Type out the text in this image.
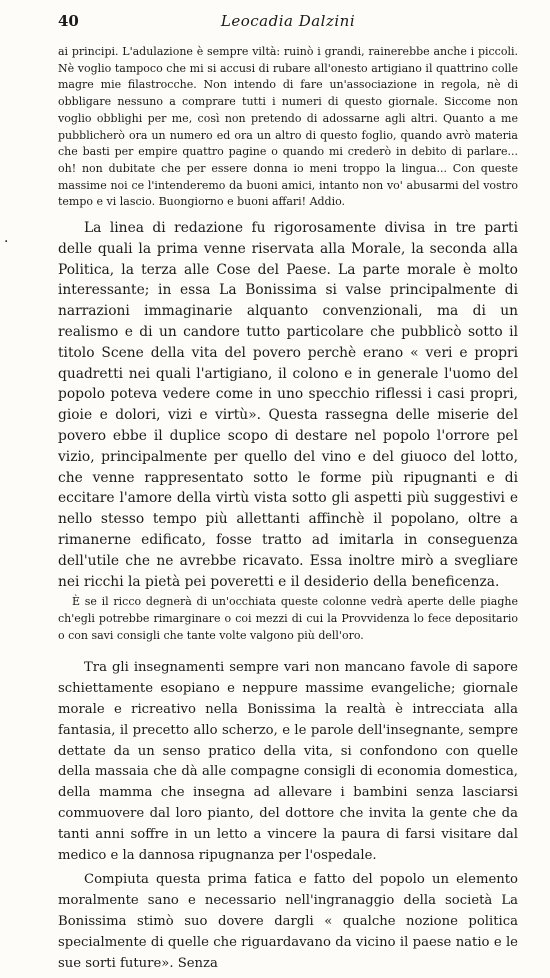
40	Leocadia Dalzini

ai principi. L'adulazione è sempre viltà: ruinò i grandi, rainerebbe anche i piccoli. Nè voglio tampoco che mi si accusi di rubare all'onesto artigiano il quattrino colle magre mie filastrocche. Non intendo di fare un'associazione in regola, nè di obbligare nessuno a comprare tutti i numeri di questo giornale. Siccome non voglio obblighi per me, così non pretendo di adossarne agli altri. Quanto a me pubblicherò ora un numero ed ora un altro di questo foglio, quando avrò materia che basti per empire quattro pagine o quando mi crederò in debito di parlare... oh! non dubitate che per essere donna io meni troppo la lingua... Con queste massime noi ce l'intenderemo da buoni amici, intanto non vo' abusarmi del vostro tempo e vi lascio. Buongiorno e buoni affari! Addio.

La linea di redazione fu rigorosamente divisa in tre parti delle quali la prima venne riservata alla Morale, la seconda alla Politica, la terza alle Cose del Paese. La parte morale è molto interessante; in essa La Bonissima si valse principalmente di narrazioni immaginarie alquanto convenzionali, ma di un realismo e di un candore tutto particolare che pubblicò sotto il titolo Scene della vita del povero perchè erano « veri e propri quadretti nei quali l'artigiano, il colono e in generale l'uomo del popolo poteva vedere come in uno specchio riflessi i casi propri, gioie e dolori, vizi e virtù». Questa rassegna delle miserie del povero ebbe il duplice scopo di destare nel popolo l'orrore pel vizio, principalmente per quello del vino e del giuoco del lotto, che venne rappresentato sotto le forme più ripugnanti e di eccitare l'amore della virtù vista sotto gli aspetti più suggestivi e nello stesso tempo più allettanti affinchè il popolano, oltre a rimanerne edificato, fosse tratto ad imitarla in conseguenza dell'utile che ne avrebbe ricavato. Essa inoltre mirò a svegliare nei ricchi la pietà pei poveretti e il desiderio della beneficenza.

È se il ricco degnerà di un'occhiata queste colonne vedrà aperte delle piaghe ch'egli potrebbe rimarginare o coi mezzi di cui la Provvidenza lo fece depositario o con savi consigli che tante volte valgono più dell'oro.

Tra gli insegnamenti sempre vari non mancano favole di sapore schiettamente esopiano e neppure massime evangeliche; giornale morale e ricreativo nella Bonissima la realtà è intrecciata alla fantasia, il precetto allo scherzo, e le parole dell'insegnante, sempre dettate da un senso pratico della vita, si confondono con quelle della massaia che dà alle compagne consigli di economia domestica, della mamma che insegna ad allevare i bambini senza lasciarsi commuovere dal loro pianto, del dottore che invita la gente che da tanti anni soffre in un letto a vincere la paura di farsi visitare dal medico e la dannosa ripugnanza per l'ospedale.

Compiuta questa prima fatica e fatto del popolo un elemento moralmente sano e necessario nell'ingranaggio della società La Bonissima stimò suo dovere dargli « qualche nozione politica specialmente di quelle che riguardavano da vicino il paese natio e le sue sorti future». Senza

·
